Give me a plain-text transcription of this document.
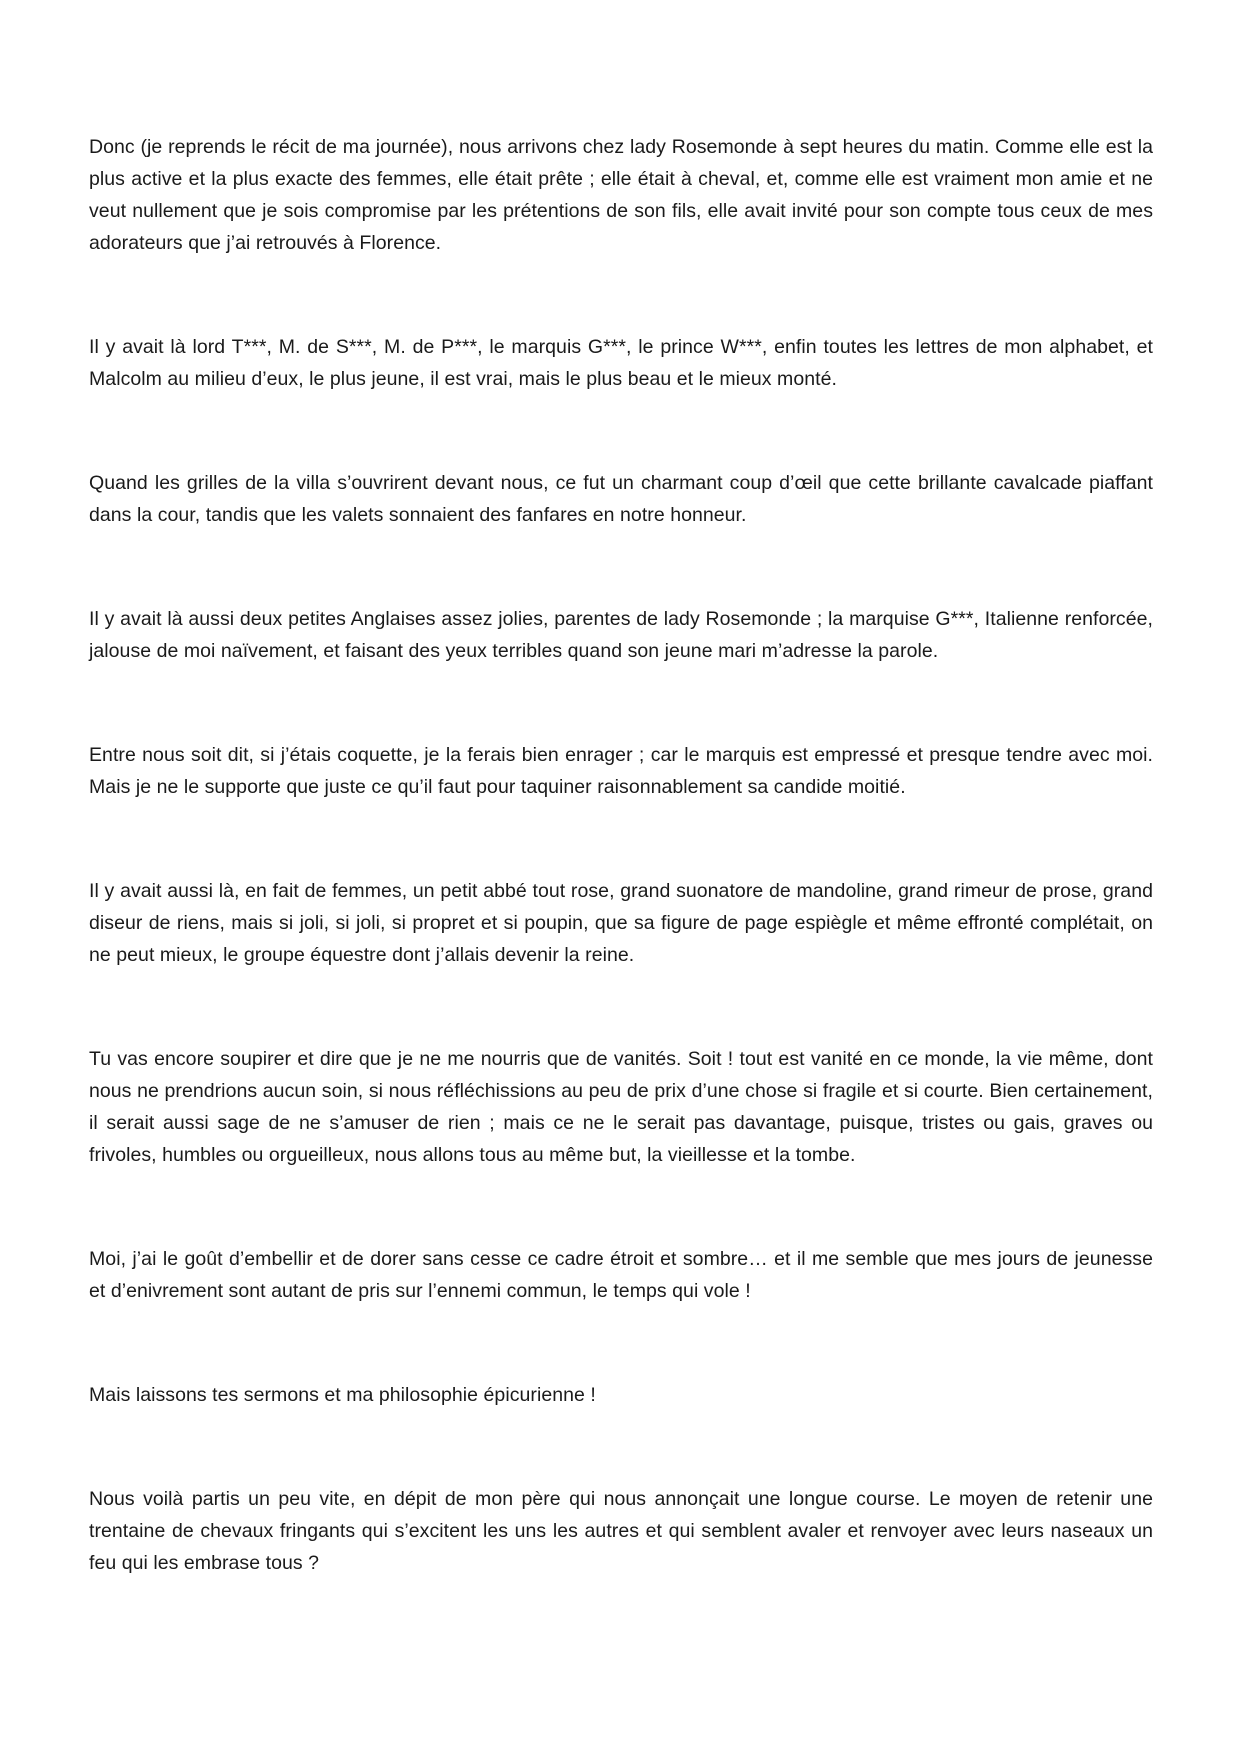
Donc (je reprends le récit de ma journée), nous arrivons chez lady Rosemonde à sept heures du matin. Comme elle est la plus active et la plus exacte des femmes, elle était prête ; elle était à cheval, et, comme elle est vraiment mon amie et ne veut nullement que je sois compromise par les prétentions de son fils, elle avait invité pour son compte tous ceux de mes adorateurs que j’ai retrouvés à Florence.

Il y avait là lord T***, M. de S***, M. de P***, le marquis G***, le prince W***, enfin toutes les lettres de mon alphabet, et Malcolm au milieu d’eux, le plus jeune, il est vrai, mais le plus beau et le mieux monté.

Quand les grilles de la villa s’ouvrirent devant nous, ce fut un charmant coup d’œil que cette brillante cavalcade piaffant dans la cour, tandis que les valets sonnaient des fanfares en notre honneur.

Il y avait là aussi deux petites Anglaises assez jolies, parentes de lady Rosemonde ; la marquise G***, Italienne renforcée, jalouse de moi naïvement, et faisant des yeux terribles quand son jeune mari m’adresse la parole.

Entre nous soit dit, si j’étais coquette, je la ferais bien enrager ; car le marquis est empressé et presque tendre avec moi. Mais je ne le supporte que juste ce qu’il faut pour taquiner raisonnablement sa candide moitié.

Il y avait aussi là, en fait de femmes, un petit abbé tout rose, grand suonatore de mandoline, grand rimeur de prose, grand diseur de riens, mais si joli, si joli, si propret et si poupin, que sa figure de page espiègle et même effronté complétait, on ne peut mieux, le groupe équestre dont j’allais devenir la reine.

Tu vas encore soupirer et dire que je ne me nourris que de vanités. Soit ! tout est vanité en ce monde, la vie même, dont nous ne prendrions aucun soin, si nous réfléchissions au peu de prix d’une chose si fragile et si courte. Bien certainement, il serait aussi sage de ne s’amuser de rien ; mais ce ne le serait pas davantage, puisque, tristes ou gais, graves ou frivoles, humbles ou orgueilleux, nous allons tous au même but, la vieillesse et la tombe.

Moi, j’ai le goût d’embellir et de dorer sans cesse ce cadre étroit et sombre… et il me semble que mes jours de jeunesse et d’enivrement sont autant de pris sur l’ennemi commun, le temps qui vole !

Mais laissons tes sermons et ma philosophie épicurienne !

Nous voilà partis un peu vite, en dépit de mon père qui nous annonçait une longue course. Le moyen de retenir une trentaine de chevaux fringants qui s’excitent les uns les autres et qui semblent avaler et renvoyer avec leurs naseaux un feu qui les embrase tous ?
